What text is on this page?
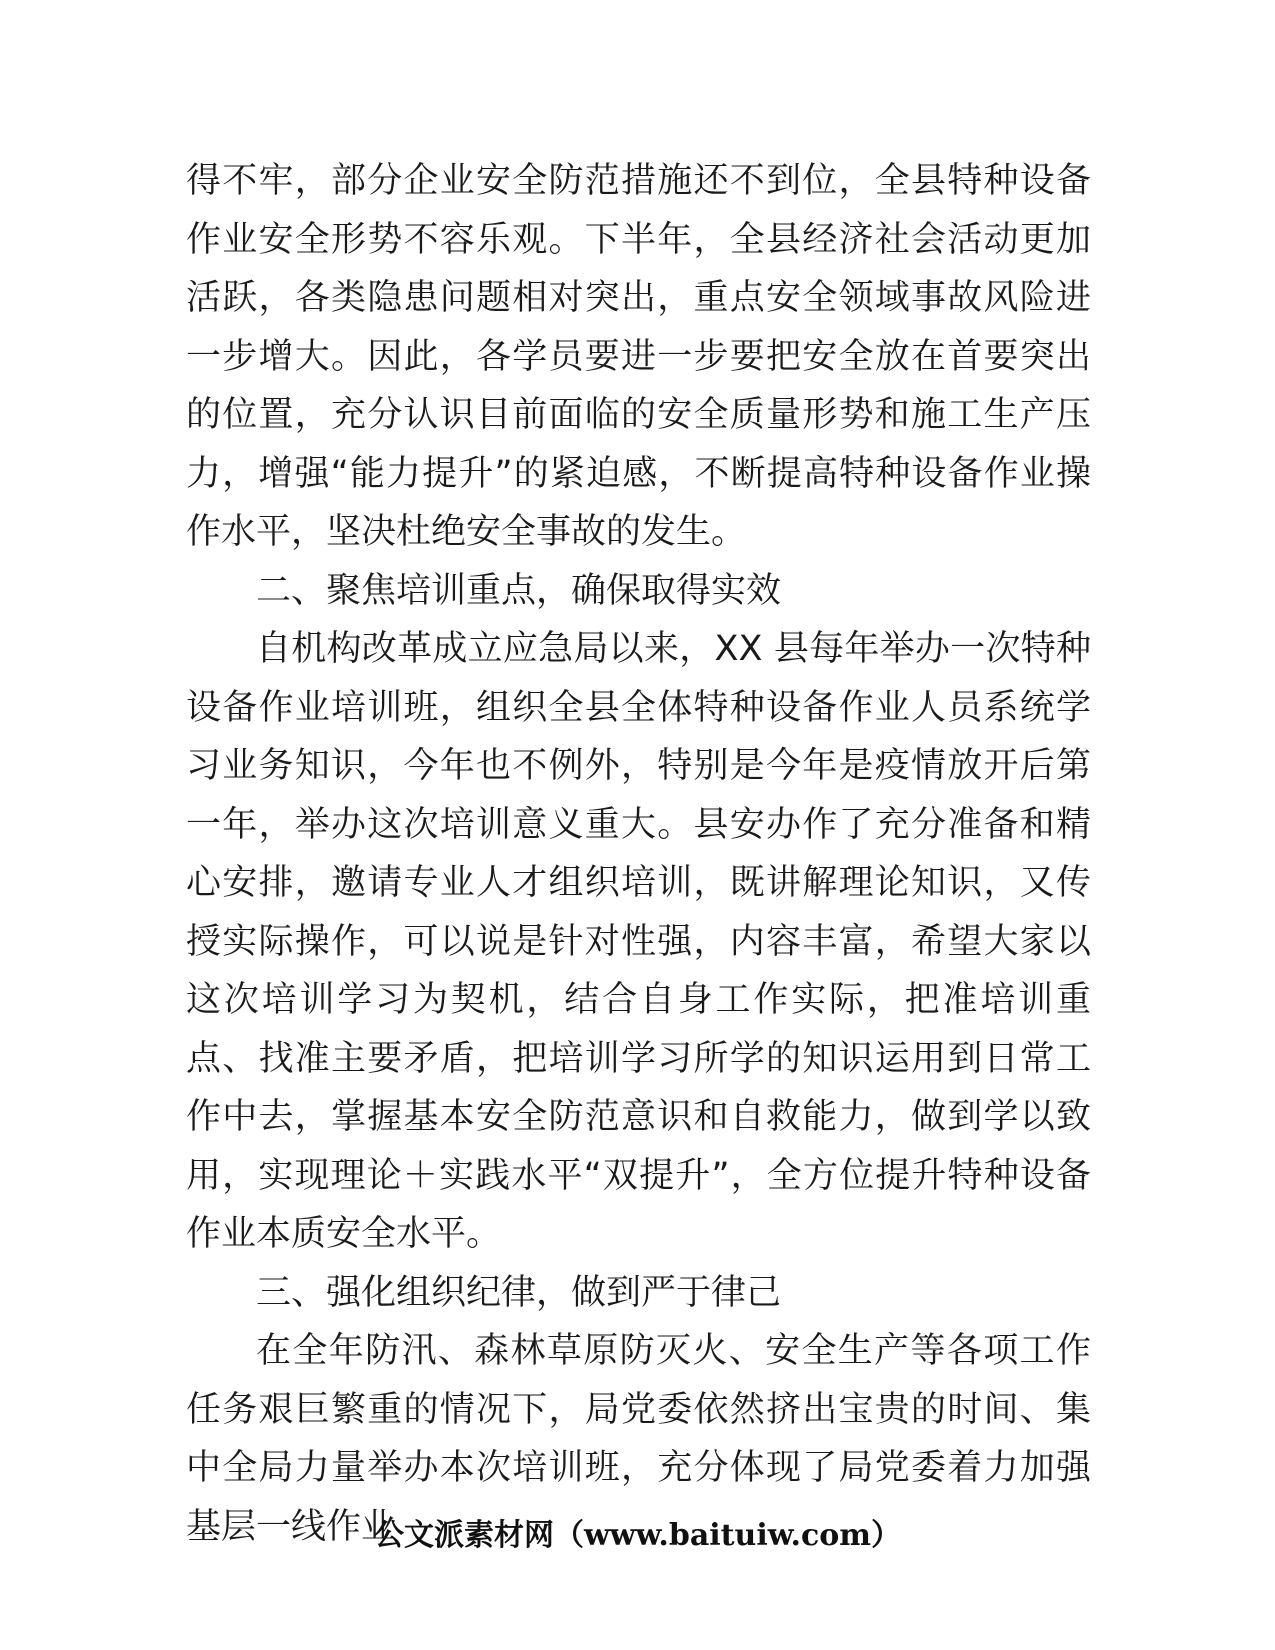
得不牢，部分企业安全防范措施还不到位，全县特种设备作业安全形势不容乐观。下半年，全县经济社会活动更加活跃，各类隐患问题相对突出，重点安全领域事故风险进一步增大。因此，各学员要进一步要把安全放在首要突出的位置，充分认识目前面临的安全质量形势和施工生产压力，增强“能力提升”的紧迫感，不断提高特种设备作业操作水平，坚决杜绝安全事故的发生。

二、聚焦培训重点，确保取得实效

自机构改革成立应急局以来，XX 县每年举办一次特种设备作业培训班，组织全县全体特种设备作业人员系统学习业务知识，今年也不例外，特别是今年是疫情放开后第一年，举办这次培训意义重大。县安办作了充分准备和精心安排，邀请专业人才组织培训，既讲解理论知识，又传授实际操作，可以说是针对性强，内容丰富，希望大家以这次培训学习为契机，结合自身工作实际，把准培训重点、找准主要矛盾，把培训学习所学的知识运用到日常工作中去，掌握基本安全防范意识和自救能力，做到学以致用，实现理论＋实践水平“双提升”，全方位提升特种设备作业本质安全水平。

三、强化组织纪律，做到严于律己

在全年防汛、森林草原防灭火、安全生产等各项工作任务艰巨繁重的情况下，局党委依然挤出宝贵的时间、集中全局力量举办本次培训班，充分体现了局党委着力加强基层一线作业

公文派素材网（www.baituiw.com）
